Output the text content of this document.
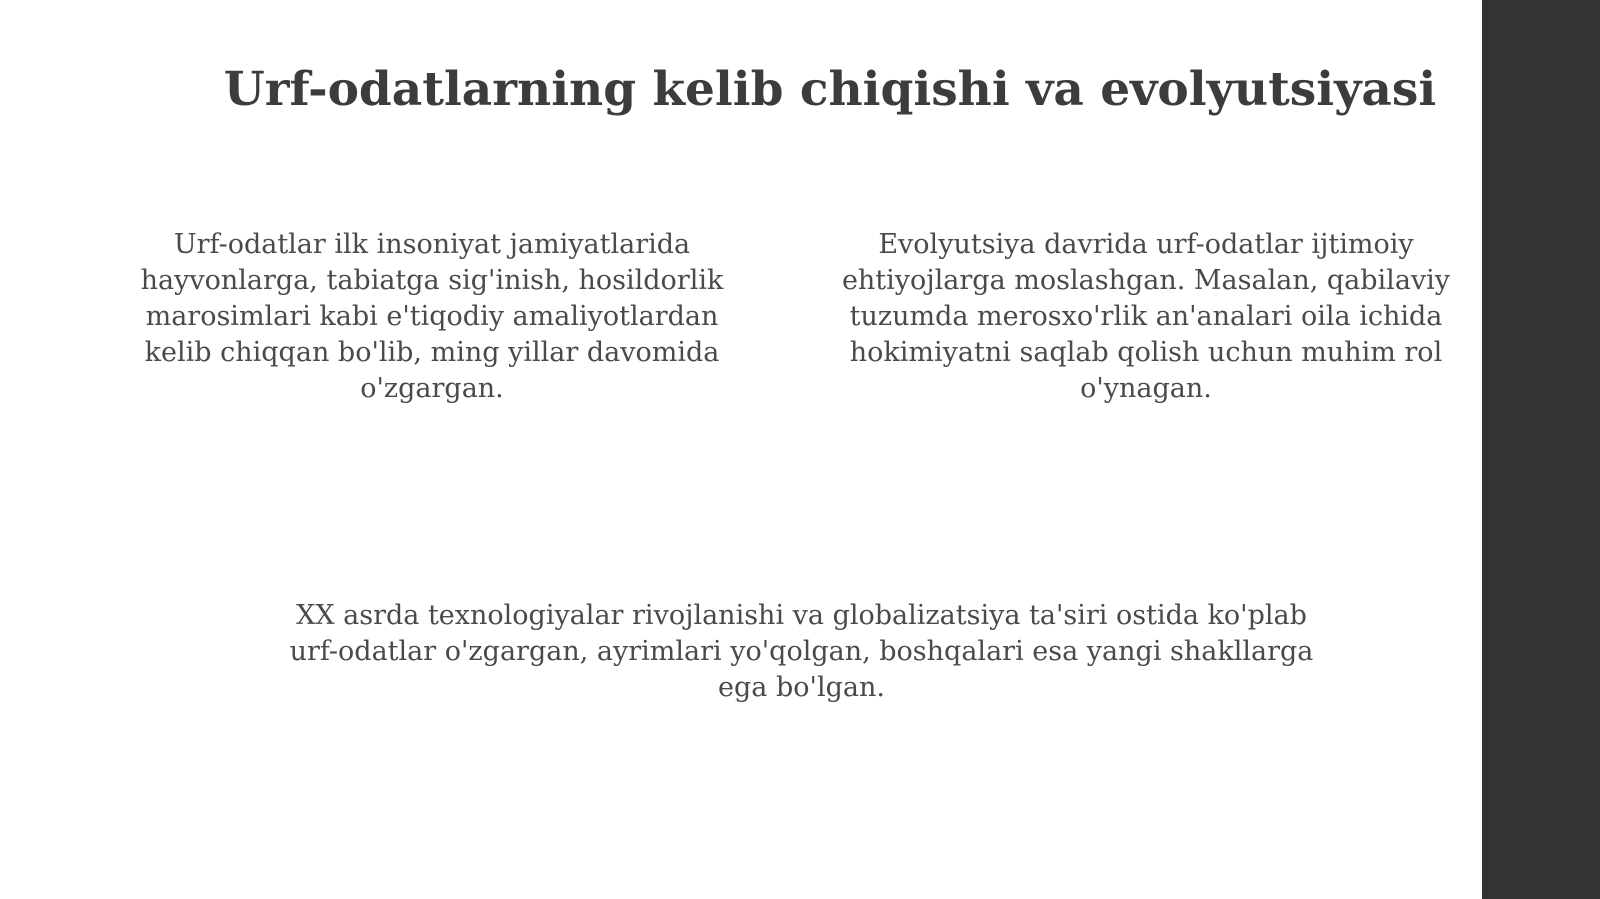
Urf-odatlarning kelib chiqishi va evolyutsiyasi

Urf-odatlar ilk insoniyat jamiyatlarida hayvonlarga, tabiatga sig'inish, hosildorlik marosimlari kabi e'tiqodiy amaliyotlardan kelib chiqqan bo'lib, ming yillar davomida o'zgargan.

Evolyutsiya davrida urf-odatlar ijtimoiy ehtiyojlarga moslashgan. Masalan, qabilaviy tuzumda merosxo'rlik an'analari oila ichida hokimiyatni saqlab qolish uchun muhim rol o'ynagan.

XX asrda texnologiyalar rivojlanishi va globalizatsiya ta'siri ostida ko'plab urf-odatlar o'zgargan, ayrimlari yo'qolgan, boshqalari esa yangi shakllarga ega bo'lgan.
